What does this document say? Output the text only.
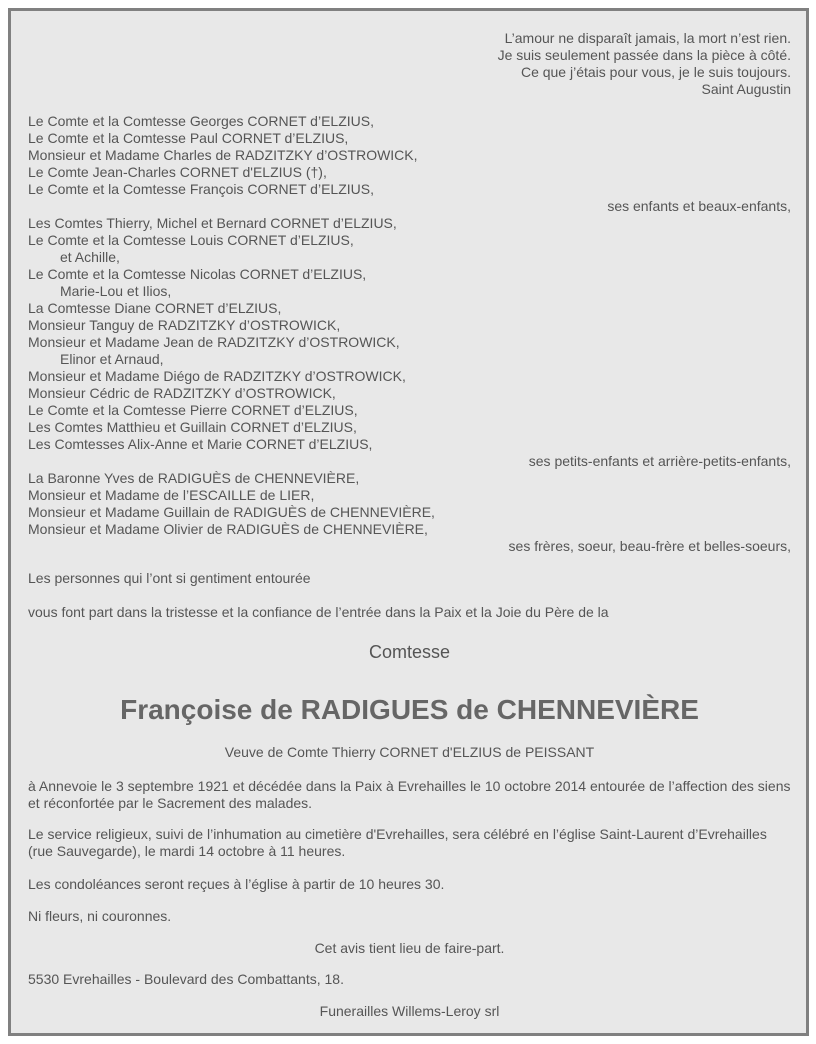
L’amour ne disparaît jamais, la mort n’est rien.
Je suis seulement passée dans la pièce à côté.
Ce que j’étais pour vous, je le suis toujours.
Saint Augustin
Le Comte et la Comtesse Georges CORNET d’ELZIUS,
Le Comte et la Comtesse Paul CORNET d’ELZIUS,
Monsieur et Madame Charles de RADZITZKY d’OSTROWICK,
Le Comte Jean-Charles CORNET d'ELZIUS (†),
Le Comte et la Comtesse François CORNET d’ELZIUS,
ses enfants et beaux-enfants,
Les Comtes Thierry, Michel et Bernard CORNET d’ELZIUS,
Le Comte et la Comtesse Louis CORNET d’ELZIUS,
et Achille,
Le Comte et la Comtesse Nicolas CORNET d’ELZIUS,
Marie-Lou et Ilios,
La Comtesse Diane CORNET d’ELZIUS,
Monsieur Tanguy de RADZITZKY d’OSTROWICK,
Monsieur et Madame Jean de RADZITZKY d’OSTROWICK,
Elinor et Arnaud,
Monsieur et Madame Diégo de RADZITZKY d’OSTROWICK,
Monsieur Cédric de RADZITZKY d’OSTROWICK,
Le Comte et la Comtesse Pierre CORNET d’ELZIUS,
Les Comtes Matthieu et Guillain CORNET d’ELZIUS,
Les Comtesses Alix-Anne et Marie CORNET d’ELZIUS,
ses petits-enfants et arrière-petits-enfants,
La Baronne Yves de RADIGUÈS de CHENNEVIÈRE,
Monsieur et Madame de l’ESCAILLE de LIER,
Monsieur et Madame Guillain de RADIGUÈS de CHENNEVIÈRE,
Monsieur et Madame Olivier de RADIGUÈS de CHENNEVIÈRE,
ses frères, soeur, beau-frère et belles-soeurs,
Les personnes qui l’ont si gentiment entourée
vous font part dans la tristesse et la confiance de l’entrée dans la Paix et la Joie du Père de la
Comtesse
Françoise de RADIGUES de CHENNEVIÈRE
Veuve de Comte Thierry CORNET d'ELZIUS de PEISSANT
à Annevoie le 3 septembre 1921 et décédée dans la Paix à Evrehailles le 10 octobre 2014 entourée de l’affection des siens et réconfortée par le Sacrement des malades.
Le service religieux, suivi de l’inhumation au cimetière d'Evrehailles, sera célébré en l’église Saint-Laurent d’Evrehailles (rue Sauvegarde), le mardi 14 octobre à 11 heures.
Les condoléances seront reçues à l’église à partir de 10 heures 30.
Ni fleurs, ni couronnes.
Cet avis tient lieu de faire-part.
5530 Evrehailles - Boulevard des Combattants, 18.
Funerailles Willems-Leroy srl
